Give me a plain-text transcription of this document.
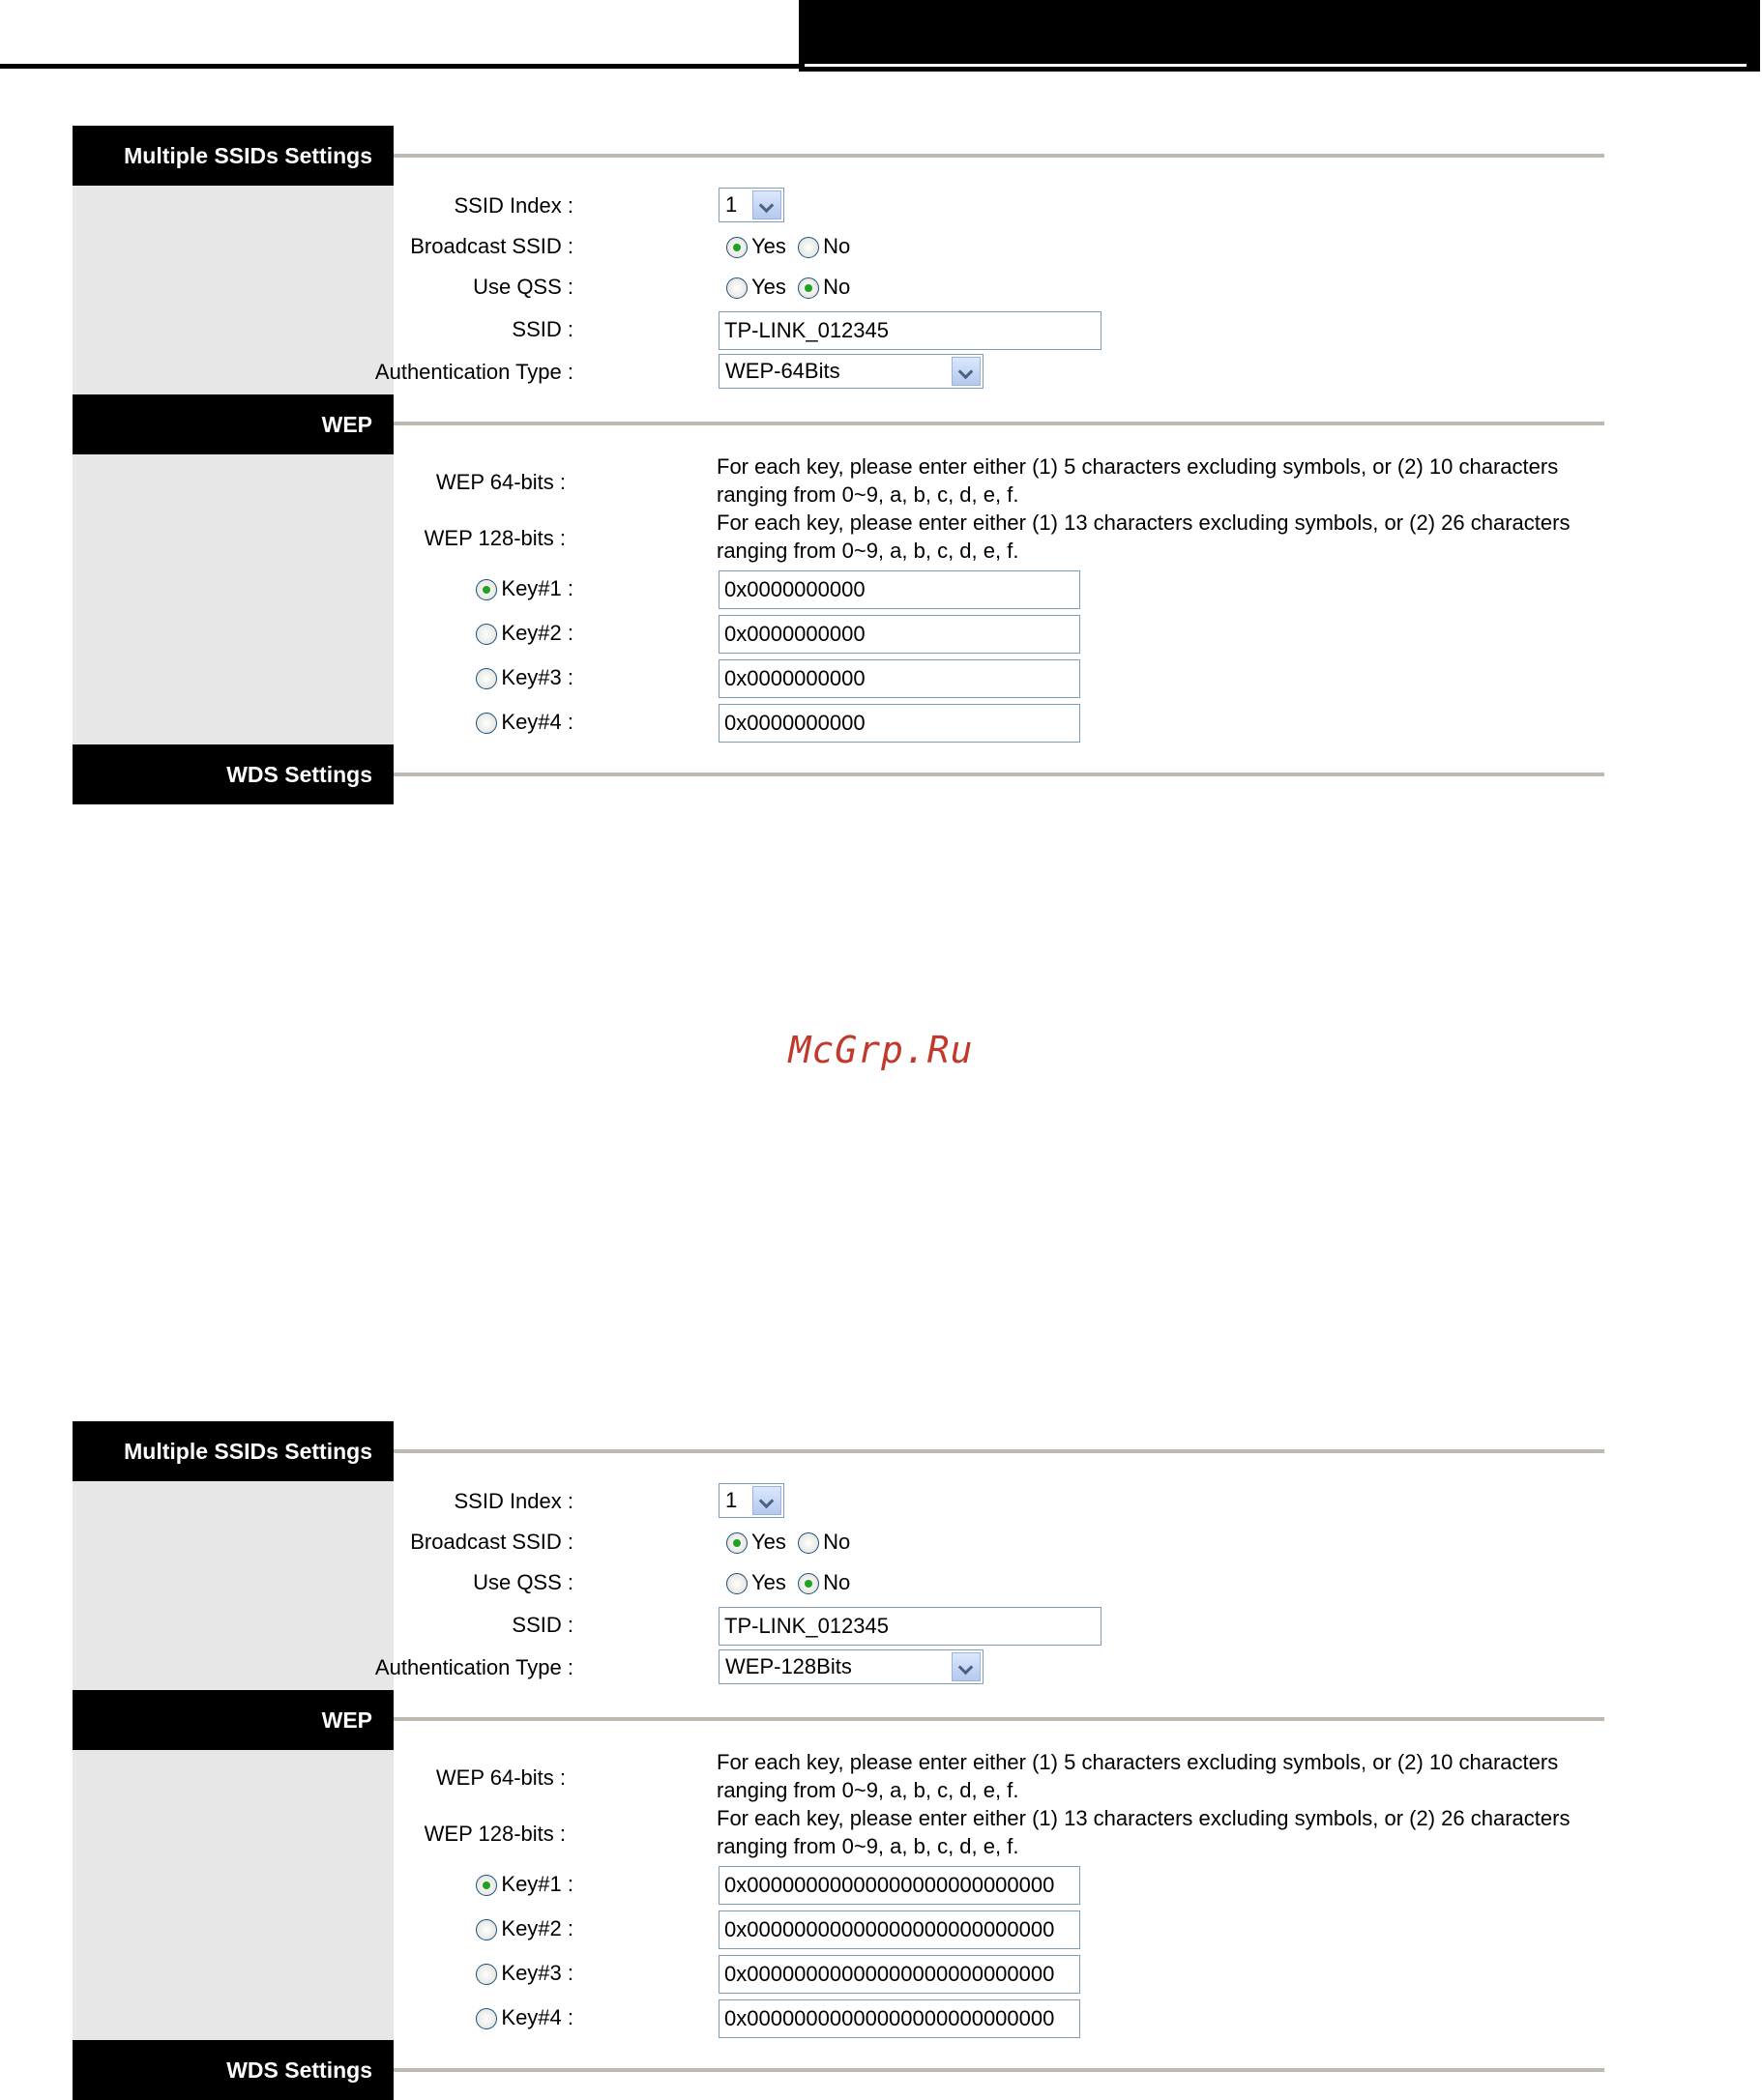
McGrp.Ru
Multiple SSIDs Settings
SSID Index :	1
Broadcast SSID :	Yes No
Use QSS :	Yes No
SSID :	TP-LINK_012345
Authentication Type :	WEP-64Bits
WEP
WEP 64-bits :
For each key, please enter either (1) 5 characters excluding symbols, or (2) 10 characters ranging from 0~9, a, b, c, d, e, f.
WEP 128-bits :
For each key, please enter either (1) 13 characters excluding symbols, or (2) 26 characters ranging from 0~9, a, b, c, d, e, f.
Key#1 :	0x0000000000
Key#2 :	0x0000000000
Key#3 :	0x0000000000
Key#4 :	0x0000000000
WDS Settings
Multiple SSIDs Settings
SSID Index :	1
Broadcast SSID :	Yes No
Use QSS :	Yes No
SSID :	TP-LINK_012345
Authentication Type :	WEP-128Bits
WEP
WEP 64-bits :
For each key, please enter either (1) 5 characters excluding symbols, or (2) 10 characters ranging from 0~9, a, b, c, d, e, f.
WEP 128-bits :
For each key, please enter either (1) 13 characters excluding symbols, or (2) 26 characters ranging from 0~9, a, b, c, d, e, f.
Key#1 :	0x00000000000000000000000000
Key#2 :	0x00000000000000000000000000
Key#3 :	0x00000000000000000000000000
Key#4 :	0x00000000000000000000000000
WDS Settings
